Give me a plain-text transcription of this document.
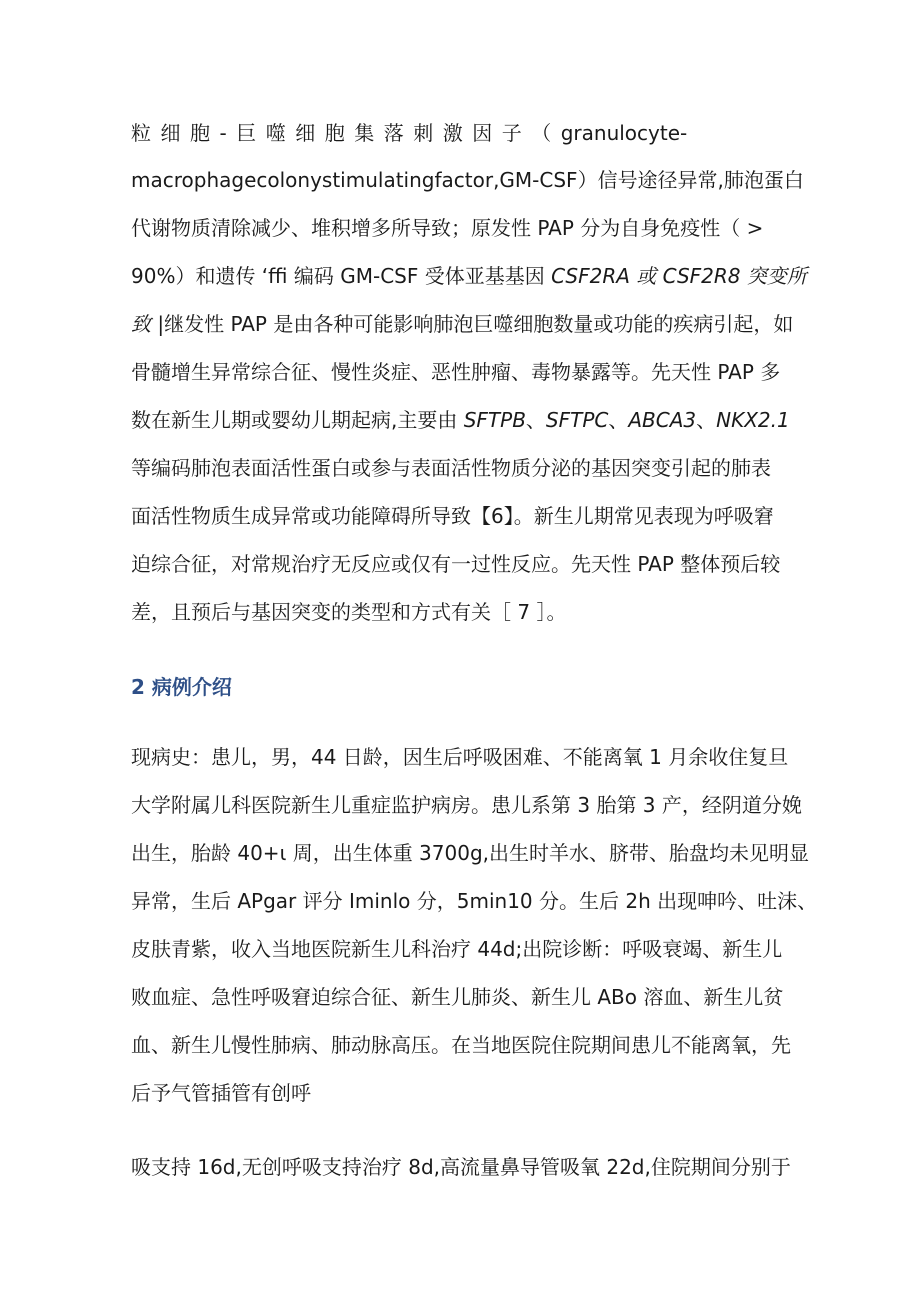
粒细胞-巨噬细胞集落刺激因子（granulocyte-
macrophagecolonystimulatingfactor,GM-CSF）信号途径异常,肺泡蛋白
代谢物质清除减少、堆积增多所导致；原发性 PAP 分为自身免疫性（ >
90%）和遗传 ‘ffi 编码 GM-CSF 受体亚基基因 CSF2RA 或 CSF2R8 突变所
致 |继发性 PAP 是由各种可能影响肺泡巨噬细胞数量或功能的疾病引起，如
骨髓增生异常综合征、慢性炎症、恶性肿瘤、毒物暴露等。先天性 PAP 多
数在新生儿期或婴幼儿期起病,主要由 SFTPB、SFTPC、ABCA3、NKX2.1
等编码肺泡表面活性蛋白或参与表面活性物质分泌的基因突变引起的肺表
面活性物质生成异常或功能障碍所导致【6】。新生儿期常见表现为呼吸窘
迫综合征，对常规治疗无反应或仅有一过性反应。先天性 PAP 整体预后较
差，且预后与基因突变的类型和方式有关［ 7 ］。
2 病例介绍
现病史：患儿，男，44 日龄，因生后呼吸困难、不能离氧 1 月余收住复旦
大学附属儿科医院新生儿重症监护病房。患儿系第 3 胎第 3 产，经阴道分娩
出生，胎龄 40+ι 周，出生体重 3700g,出生时羊水、脐带、胎盘均未见明显
异常，生后 APgar 评分 Iminlo 分，5min10 分。生后 2h 出现呻吟、吐沫、
皮肤青紫，收入当地医院新生儿科治疗 44d;出院诊断：呼吸衰竭、新生儿
败血症、急性呼吸窘迫综合征、新生儿肺炎、新生儿 ABo 溶血、新生儿贫
血、新生儿慢性肺病、肺动脉高压。在当地医院住院期间患儿不能离氧，先
后予气管插管有创呼
吸支持 16d,无创呼吸支持治疗 8d,高流量鼻导管吸氧 22d,住院期间分别于
